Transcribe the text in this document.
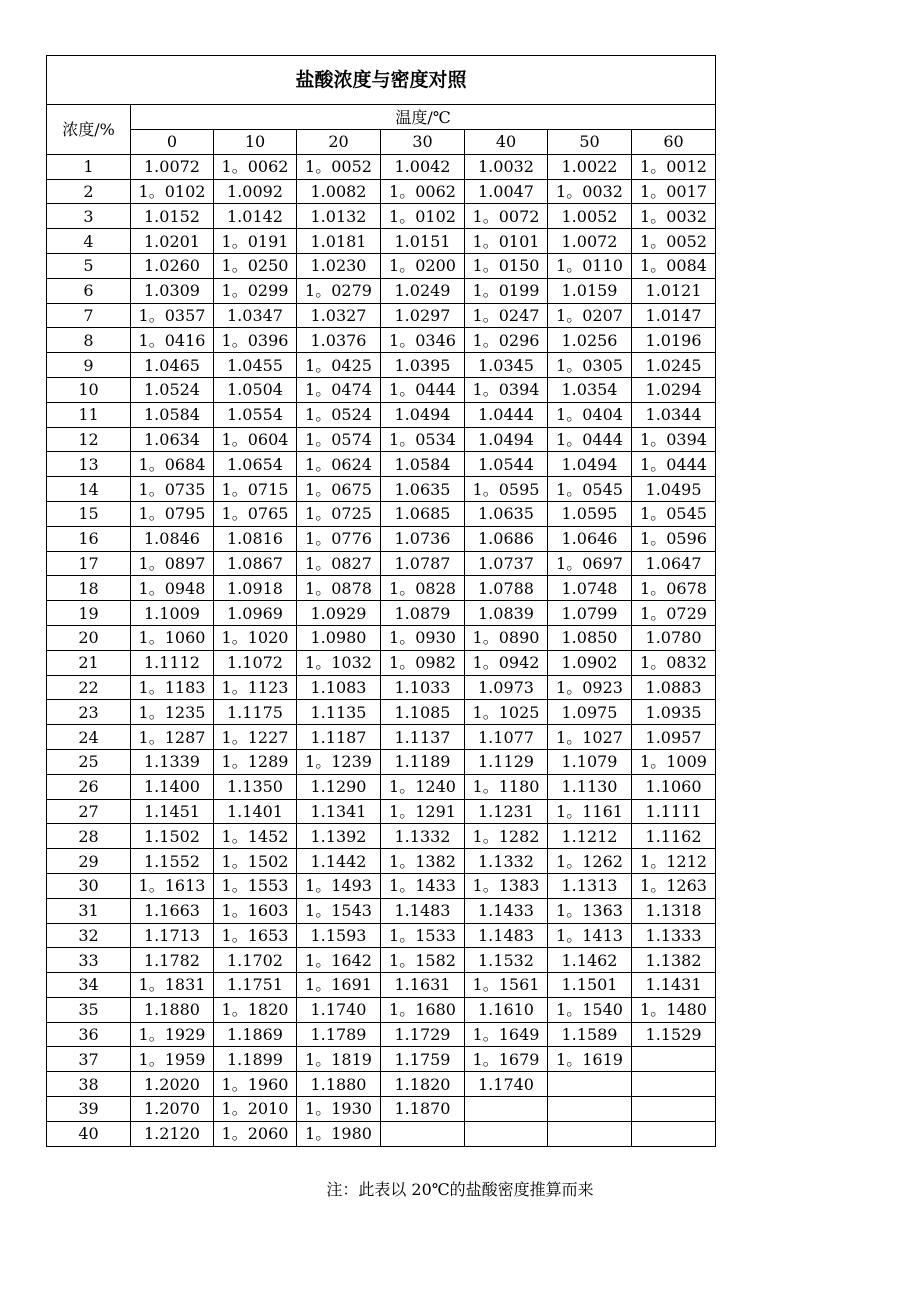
盐酸浓度与密度对照							
浓度/%	温度/℃						
	0	10	20	30	40	50	60
1	1.0072	1。0062	1。0052	1.0042	1.0032	1.0022	1。0012
2	1。0102	1.0092	1.0082	1。0062	1.0047	1。0032	1。0017
3	1.0152	1.0142	1.0132	1。0102	1。0072	1.0052	1。0032
4	1.0201	1。0191	1.0181	1.0151	1。0101	1.0072	1。0052
5	1.0260	1。0250	1.0230	1。0200	1。0150	1。0110	1。0084
6	1.0309	1。0299	1。0279	1.0249	1。0199	1.0159	1.0121
7	1。0357	1.0347	1.0327	1.0297	1。0247	1。0207	1.0147
8	1。0416	1。0396	1.0376	1。0346	1。0296	1.0256	1.0196
9	1.0465	1.0455	1。0425	1.0395	1.0345	1。0305	1.0245
10	1.0524	1.0504	1。0474	1。0444	1。0394	1.0354	1.0294
11	1.0584	1.0554	1。0524	1.0494	1.0444	1。0404	1.0344
12	1.0634	1。0604	1。0574	1。0534	1.0494	1。0444	1。0394
13	1。0684	1.0654	1。0624	1.0584	1.0544	1.0494	1。0444
14	1。0735	1。0715	1。0675	1.0635	1。0595	1。0545	1.0495
15	1。0795	1。0765	1。0725	1.0685	1.0635	1.0595	1。0545
16	1.0846	1.0816	1。0776	1.0736	1.0686	1.0646	1。0596
17	1。0897	1.0867	1。0827	1.0787	1.0737	1。0697	1.0647
18	1。0948	1.0918	1。0878	1。0828	1.0788	1.0748	1。0678
19	1.1009	1.0969	1.0929	1.0879	1.0839	1.0799	1。0729
20	1。1060	1。1020	1.0980	1。0930	1。0890	1.0850	1.0780
21	1.1112	1.1072	1。1032	1。0982	1。0942	1.0902	1。0832
22	1。1183	1。1123	1.1083	1.1033	1.0973	1。0923	1.0883
23	1。1235	1.1175	1.1135	1.1085	1。1025	1.0975	1.0935
24	1。1287	1。1227	1.1187	1.1137	1.1077	1。1027	1.0957
25	1.1339	1。1289	1。1239	1.1189	1.1129	1.1079	1。1009
26	1.1400	1.1350	1.1290	1。1240	1。1180	1.1130	1.1060
27	1.1451	1.1401	1.1341	1。1291	1.1231	1。1161	1.1111
28	1.1502	1。1452	1.1392	1.1332	1。1282	1.1212	1.1162
29	1.1552	1。1502	1.1442	1。1382	1.1332	1。1262	1。1212
30	1。1613	1。1553	1。1493	1。1433	1。1383	1.1313	1。1263
31	1.1663	1。1603	1。1543	1.1483	1.1433	1。1363	1.1318
32	1.1713	1。1653	1.1593	1。1533	1.1483	1。1413	1.1333
33	1.1782	1.1702	1。1642	1。1582	1.1532	1.1462	1.1382
34	1。1831	1.1751	1。1691	1.1631	1。1561	1.1501	1.1431
35	1.1880	1。1820	1.1740	1。1680	1.1610	1。1540	1。1480
36	1。1929	1.1869	1.1789	1.1729	1。1649	1.1589	1.1529
37	1。1959	1.1899	1。1819	1.1759	1。1679	1。1619	
38	1.2020	1。1960	1.1880	1.1820	1.1740		
39	1.2070	1。2010	1。1930	1.1870			
40	1.2120	1。2060	1。1980				
注：此表以 20℃的盐酸密度推算而来
